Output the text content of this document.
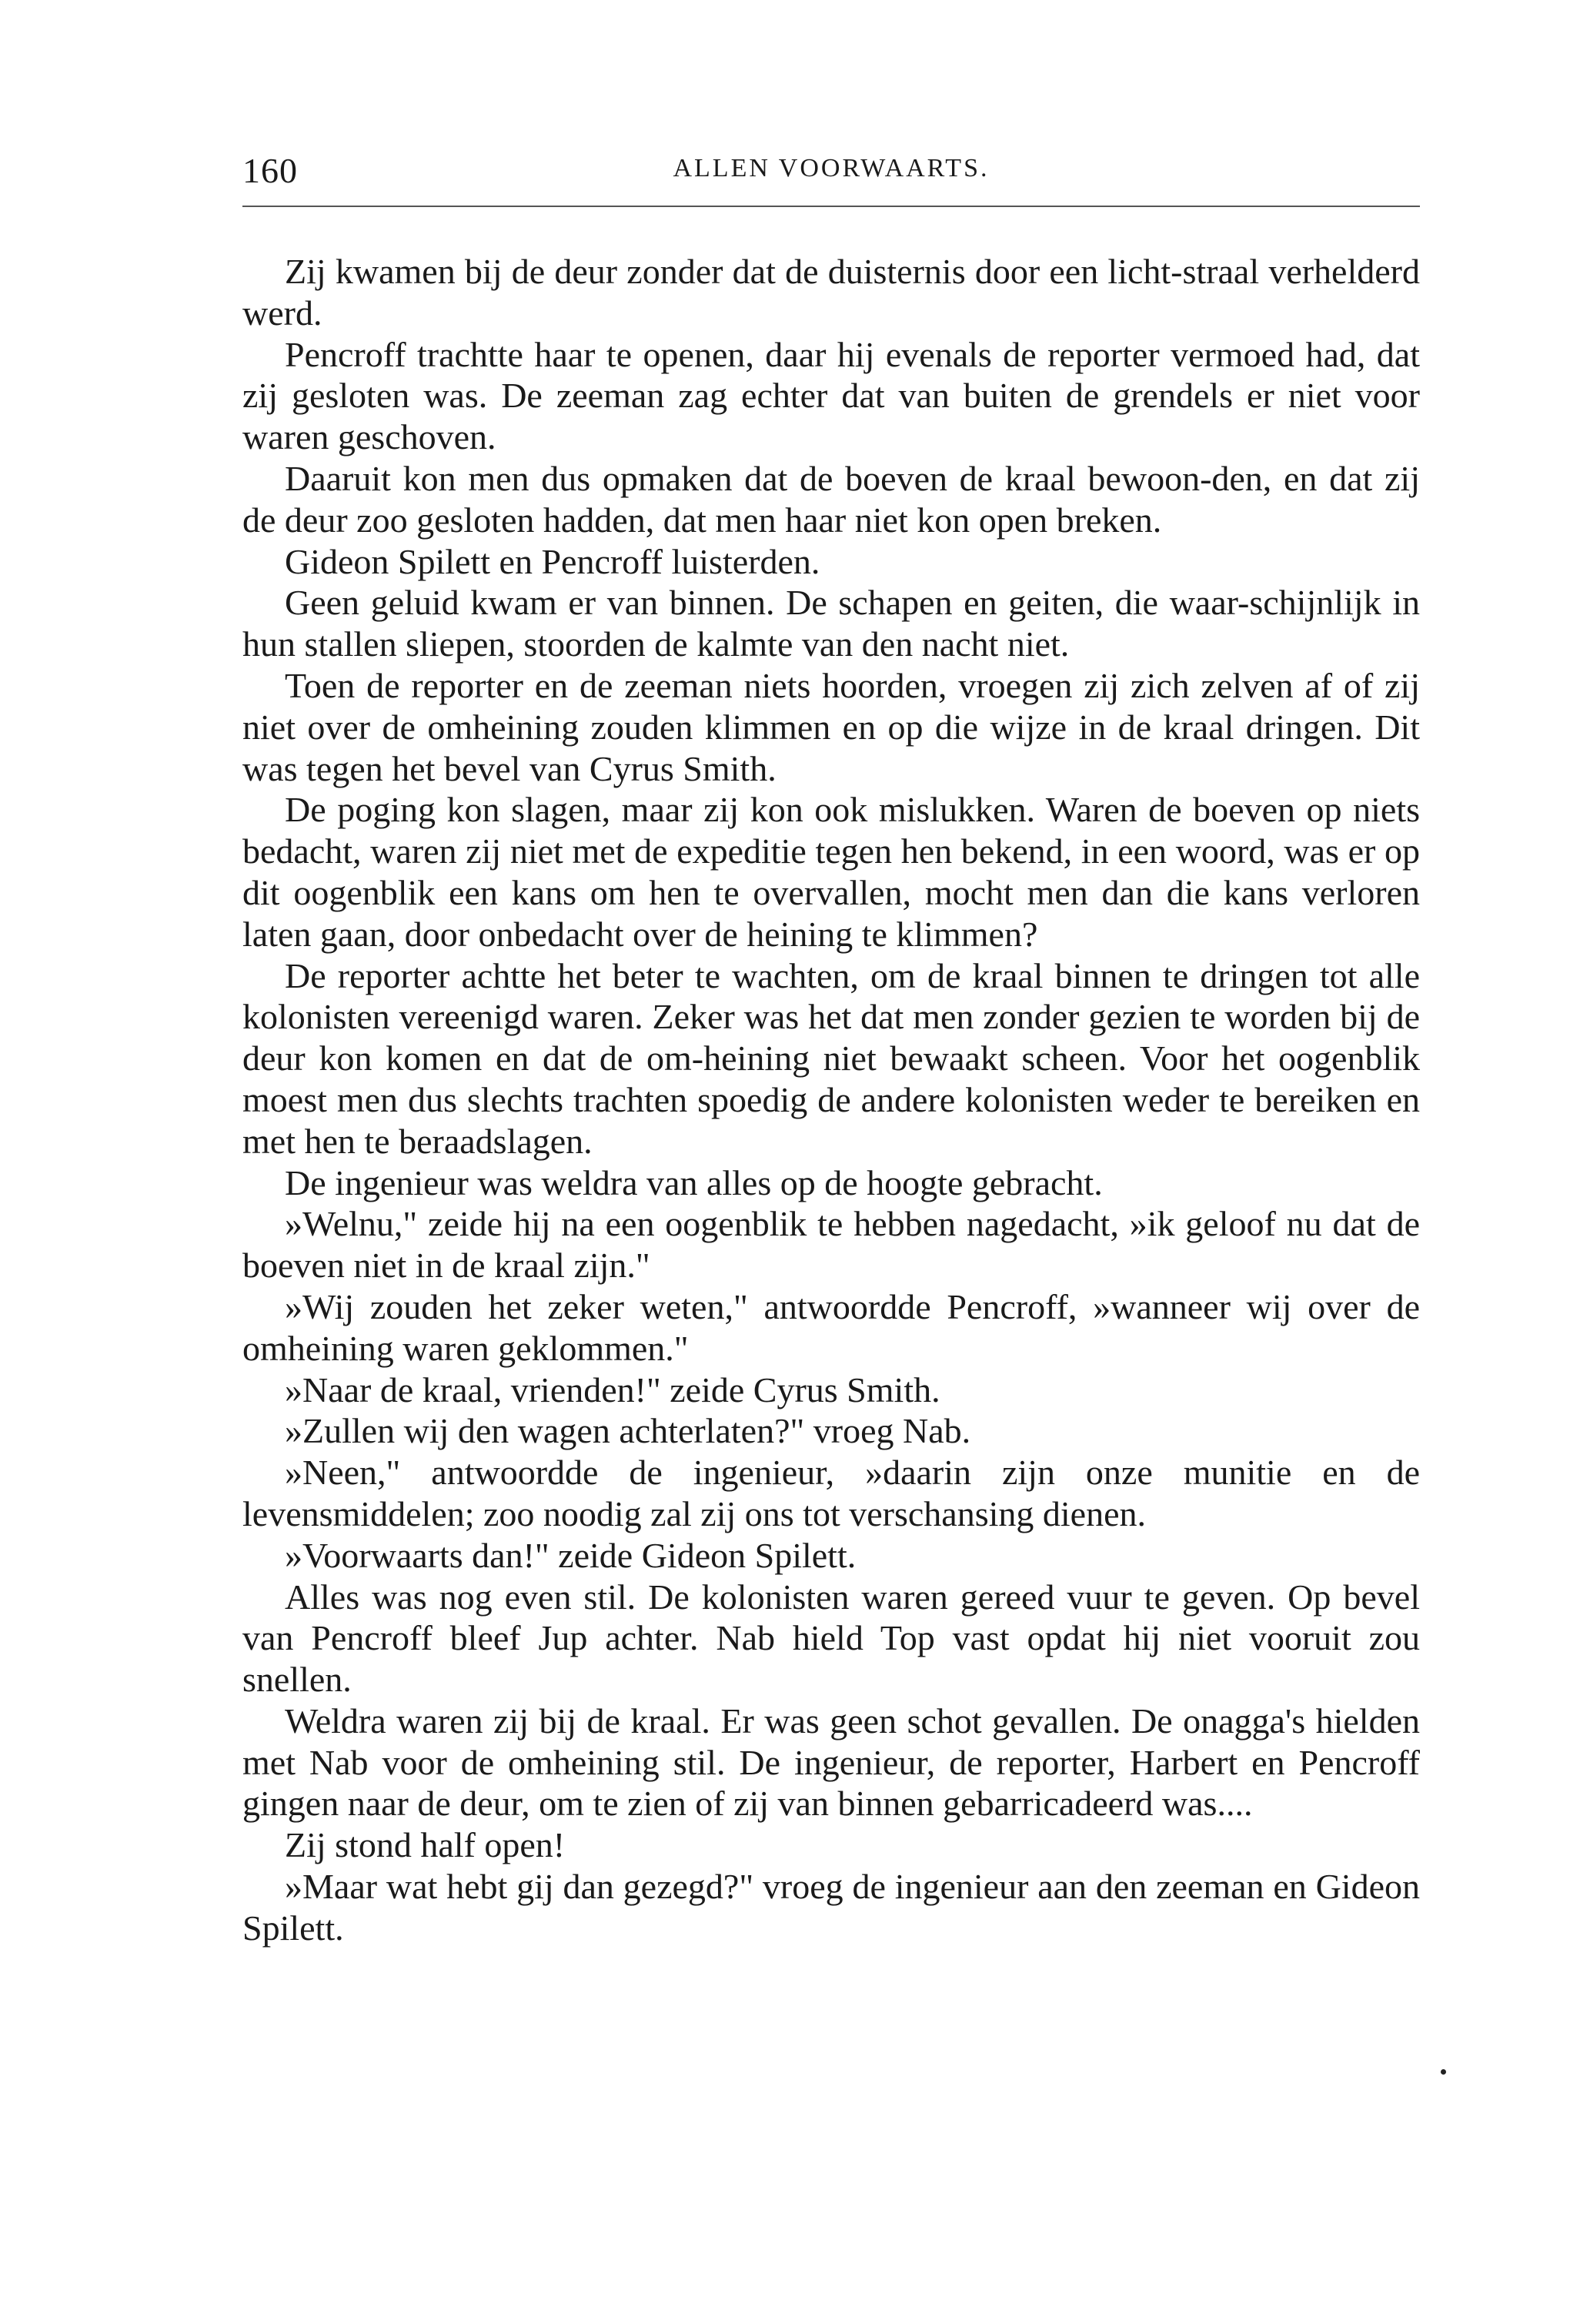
160	ALLEN VOORWAARTS.

Zij kwamen bij de deur zonder dat de duisternis door een licht-straal verhelderd werd.

Pencroff trachtte haar te openen, daar hij evenals de reporter vermoed had, dat zij gesloten was. De zeeman zag echter dat van buiten de grendels er niet voor waren geschoven.

Daaruit kon men dus opmaken dat de boeven de kraal bewoon-den, en dat zij de deur zoo gesloten hadden, dat men haar niet kon open breken.

Gideon Spilett en Pencroff luisterden.

Geen geluid kwam er van binnen. De schapen en geiten, die waar-schijnlijk in hun stallen sliepen, stoorden de kalmte van den nacht niet.

Toen de reporter en de zeeman niets hoorden, vroegen zij zich zelven af of zij niet over de omheining zouden klimmen en op die wijze in de kraal dringen. Dit was tegen het bevel van Cyrus Smith.

De poging kon slagen, maar zij kon ook mislukken. Waren de boeven op niets bedacht, waren zij niet met de expeditie tegen hen bekend, in een woord, was er op dit oogenblik een kans om hen te overvallen, mocht men dan die kans verloren laten gaan, door onbedacht over de heining te klimmen?

De reporter achtte het beter te wachten, om de kraal binnen te dringen tot alle kolonisten vereenigd waren. Zeker was het dat men zonder gezien te worden bij de deur kon komen en dat de om-heining niet bewaakt scheen. Voor het oogenblik moest men dus slechts trachten spoedig de andere kolonisten weder te bereiken en met hen te beraadslagen.

De ingenieur was weldra van alles op de hoogte gebracht.

»Welnu," zeide hij na een oogenblik te hebben nagedacht, »ik geloof nu dat de boeven niet in de kraal zijn."

»Wij zouden het zeker weten," antwoordde Pencroff, »wanneer wij over de omheining waren geklommen."

»Naar de kraal, vrienden!" zeide Cyrus Smith.

»Zullen wij den wagen achterlaten?" vroeg Nab.

»Neen," antwoordde de ingenieur, »daarin zijn onze munitie en de levensmiddelen; zoo noodig zal zij ons tot verschansing dienen.

»Voorwaarts dan!" zeide Gideon Spilett.

Alles was nog even stil. De kolonisten waren gereed vuur te geven. Op bevel van Pencroff bleef Jup achter. Nab hield Top vast opdat hij niet vooruit zou snellen.

Weldra waren zij bij de kraal. Er was geen schot gevallen. De onagga's hielden met Nab voor de omheining stil. De ingenieur, de reporter, Harbert en Pencroff gingen naar de deur, om te zien of zij van binnen gebarricadeerd was....

Zij stond half open!

»Maar wat hebt gij dan gezegd?" vroeg de ingenieur aan den zeeman en Gideon Spilett.
